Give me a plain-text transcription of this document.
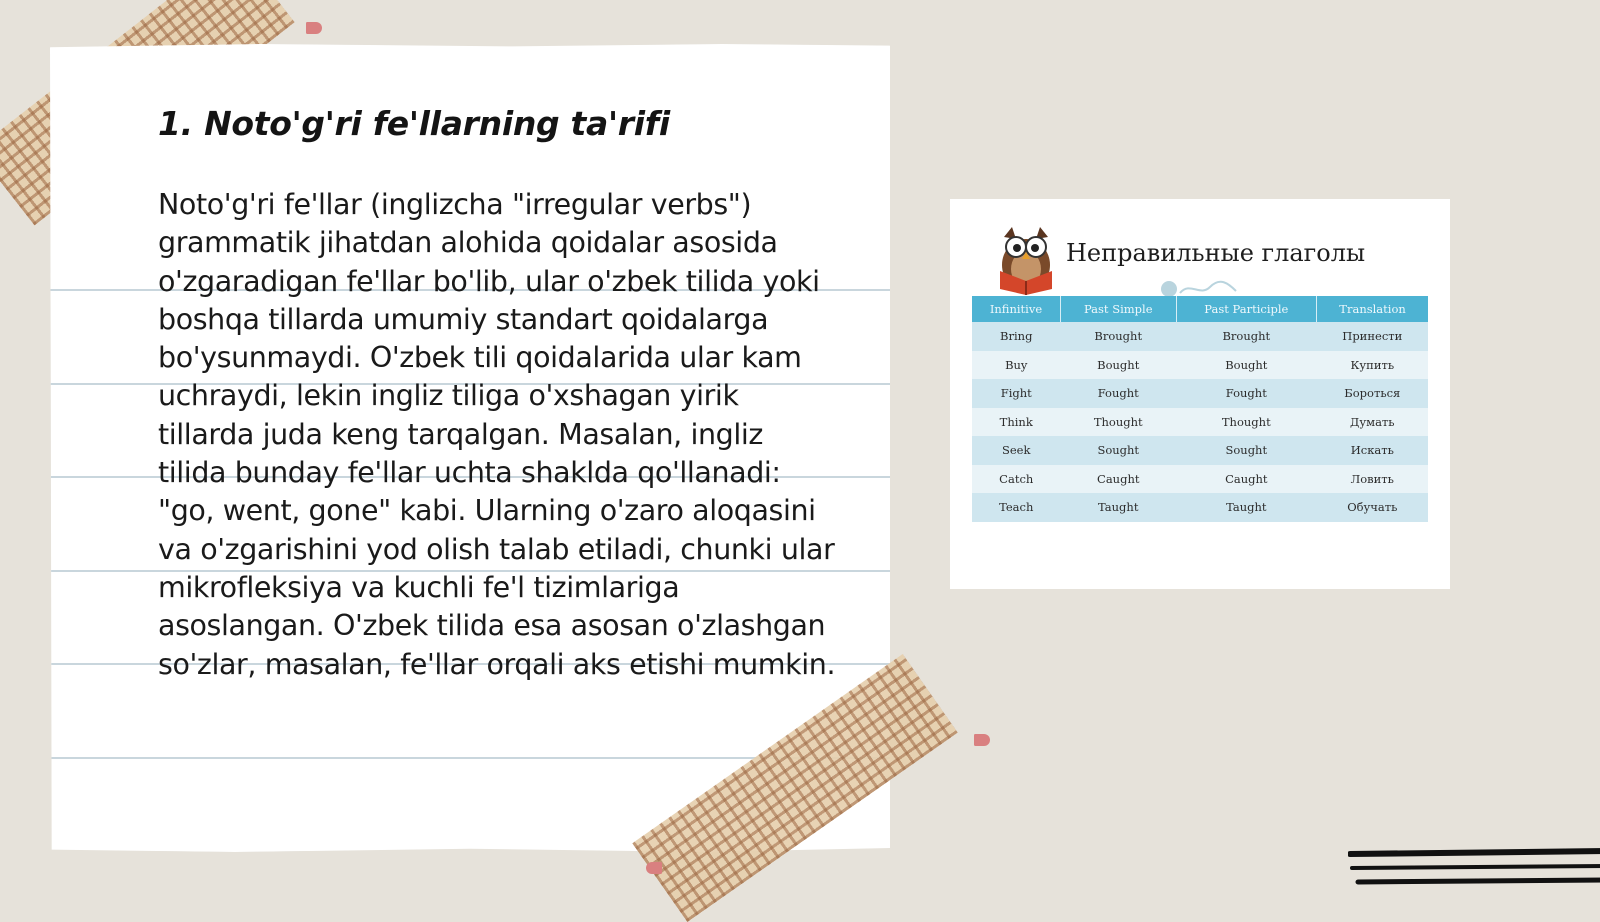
1. Noto'g'ri fe'llarning ta'rifi

Noto'g'ri fe'llar (inglizcha "irregular verbs") grammatik jihatdan alohida qoidalar asosida o'zgaradigan fe'llar bo'lib, ular o'zbek tilida yoki boshqa tillarda umumiy standart qoidalarga bo'ysunmaydi. O'zbek tili qoidalarida ular kam uchraydi, lekin ingliz tiliga o'xshagan yirik tillarda juda keng tarqalgan. Masalan, ingliz tilida bunday fe'llar uchta shaklda qo'llanadi: "go, went, gone" kabi. Ularning o'zaro aloqasini va o'zgarishini yod olish talab etiladi, chunki ular mikrofleksiya va kuchli fe'l tizimlariga asoslangan. O'zbek tilida esa asosan o'zlashgan so'zlar, masalan, fe'llar orqali aks etishi mumkin.

Неправильные глаголы
Infinitive	Past Simple	Past Participle	Translation
Bring	Brought	Brought	Принести
Buy	Bought	Bought	Купить
Fight	Fought	Fought	Бороться
Think	Thought	Thought	Думать
Seek	Sought	Sought	Искать
Catch	Caught	Caught	Ловить
Teach	Taught	Taught	Обучать
